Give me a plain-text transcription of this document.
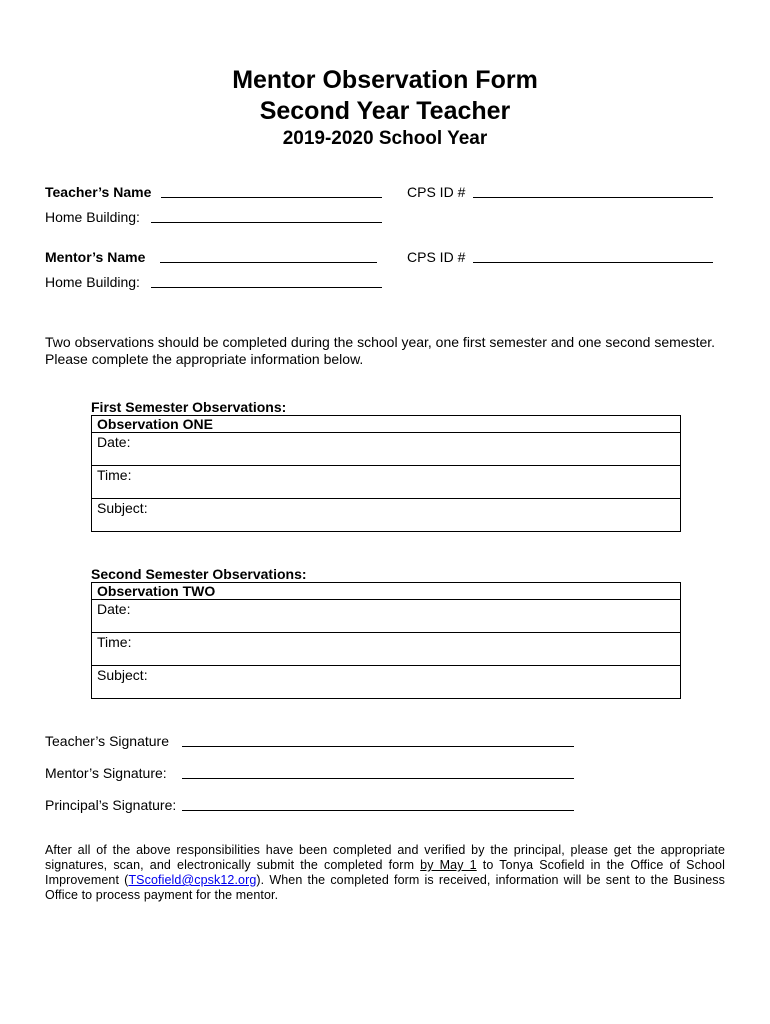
Mentor Observation Form
Second Year Teacher
2019-2020 School Year
Teacher’s Name	CPS ID #
Home Building:
Mentor’s Name	CPS ID #
Home Building:
Two observations should be completed during the school year, one first semester and one second semester.
Please complete the appropriate information below.
First Semester Observations:
Observation ONE
Date:
Time:
Subject:
Second Semester Observations:
Observation TWO
Date:
Time:
Subject:
Teacher’s Signature
Mentor’s Signature:
Principal’s Signature:
After all of the above responsibilities have been completed and verified by the principal, please get the appropriate signatures, scan, and electronically submit the completed form by May 1 to Tonya Scofield in the Office of School Improvement (TScofield@cpsk12.org). When the completed form is received, information will be sent to the Business Office to process payment for the mentor.
